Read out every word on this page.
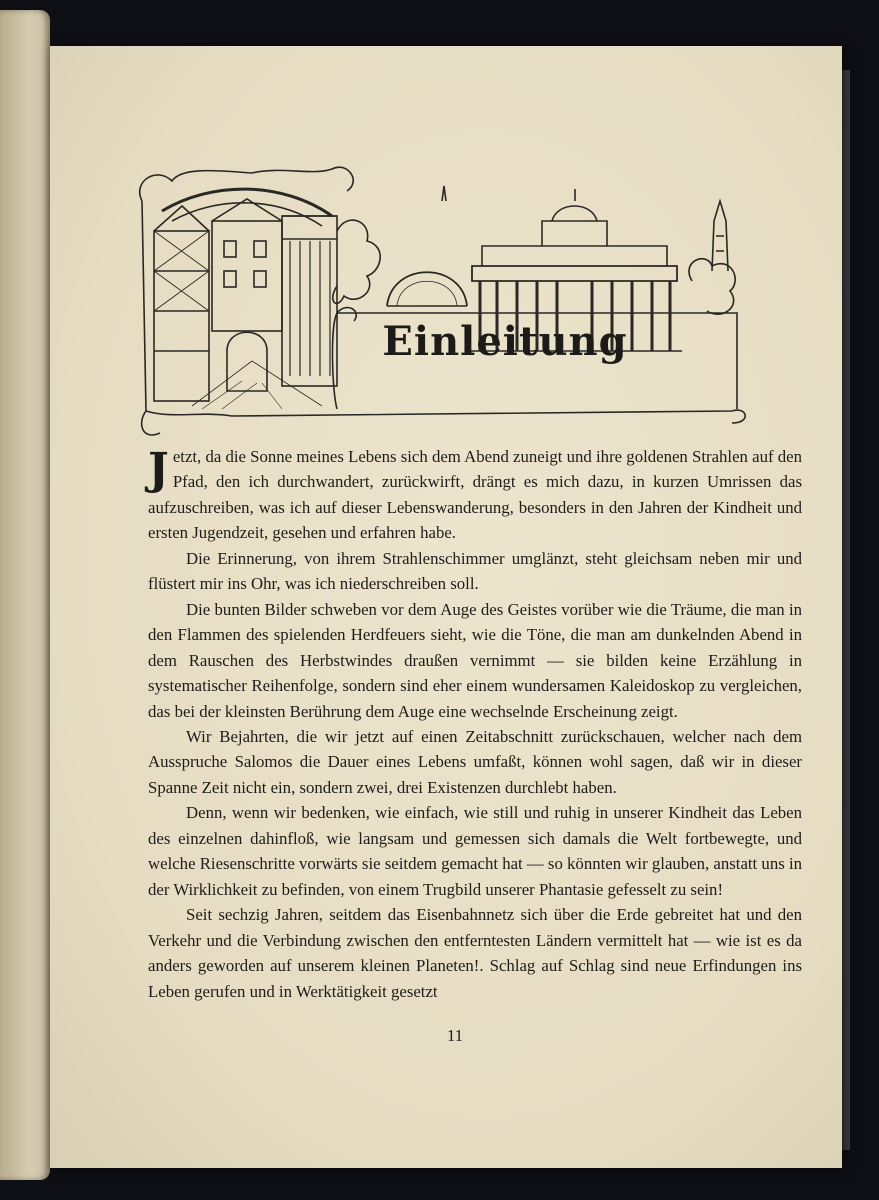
Einleitung

Jetzt, da die Sonne meines Lebens sich dem Abend zuneigt und ihre goldenen Strahlen auf den Pfad, den ich durchwandert, zurückwirft, drängt es mich dazu, in kurzen Umrissen das aufzuschreiben, was ich auf dieser Lebenswanderung, besonders in den Jahren der Kindheit und ersten Jugendzeit, gesehen und erfahren habe.

Die Erinnerung, von ihrem Strahlenschimmer umglänzt, steht gleichsam neben mir und flüstert mir ins Ohr, was ich niederschreiben soll.

Die bunten Bilder schweben vor dem Auge des Geistes vorüber wie die Träume, die man in den Flammen des spielenden Herdfeuers sieht, wie die Töne, die man am dunkelnden Abend in dem Rauschen des Herbstwindes draußen vernimmt — sie bilden keine Erzählung in systematischer Reihenfolge, sondern sind eher einem wundersamen Kaleidoskop zu vergleichen, das bei der kleinsten Berührung dem Auge eine wechselnde Erscheinung zeigt.

Wir Bejahrten, die wir jetzt auf einen Zeitabschnitt zurückschauen, welcher nach dem Ausspruche Salomos die Dauer eines Lebens umfaßt, können wohl sagen, daß wir in dieser Spanne Zeit nicht ein, sondern zwei, drei Existenzen durchlebt haben.

Denn, wenn wir bedenken, wie einfach, wie still und ruhig in unserer Kindheit das Leben des einzelnen dahinfloß, wie langsam und gemessen sich damals die Welt fortbewegte, und welche Riesenschritte vorwärts sie seitdem gemacht hat — so könnten wir glauben, anstatt uns in der Wirklichkeit zu befinden, von einem Trugbild unserer Phantasie gefesselt zu sein!

Seit sechzig Jahren, seitdem das Eisenbahnnetz sich über die Erde gebreitet hat und den Verkehr und die Verbindung zwischen den entferntesten Ländern vermittelt hat — wie ist es da anders geworden auf unserem kleinen Planeten!. Schlag auf Schlag sind neue Erfindungen ins Leben gerufen und in Werktätigkeit gesetzt

11
